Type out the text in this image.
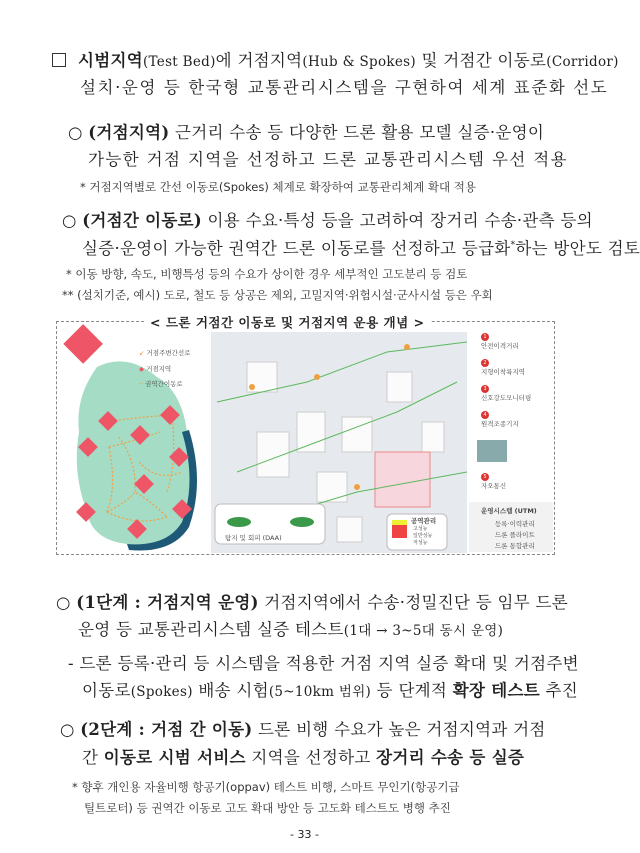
시범지역(Test Bed)에 거점지역(Hub & Spokes) 및 거점간 이동로(Corridor)
설치·운영 등 한국형 교통관리시스템을 구현하여 세계 표준화 선도
○ (거점지역) 근거리 수송 등 다양한 드론 활용 모델 실증·운영이
가능한 거점 지역을 선정하고 드론 교통관리시스템 우선 적용
* 거점지역별로 간선 이동로(Spokes) 체계로 확장하여 교통관리체계 확대 적용
○ (거점간 이동로) 이용 수요·특성 등을 고려하여 장거리 수송·관측 등의
실증·운영이 가능한 권역간 드론 이동로를 선정하고 등급화*하는 방안도 검토
* 이동 방향, 속도, 비행특성 등의 수요가 상이한 경우 세부적인 고도분리 등 검토
** (설치기준, 예시) 도로, 철도 등 상공은 제외, 고밀지역·위험시설·군사시설 등은 우회
↙ 거점주변간선로
◆ 거점지역
┄ 권역간이동로
1
안전이격거리
2
지형이착륙지역
3
신호강도모니터링
4
원격조종기지
5
자오통신
운영시스템 (UTM)
등록·이력관리
드론 플라이트
드론 통합관리
탐지 및 회피 (DAA)
공역관리
고성능
일반성능
저성능
< 드론 거점간 이동로 및 거점지역 운용 개념 >
○ (1단계 : 거점지역 운영) 거점지역에서 수송·정밀진단 등 임무 드론
운영 등 교통관리시스템 실증 테스트(1대 → 3~5대 동시 운영)
- 드론 등록·관리 등 시스템을 적용한 거점 지역 실증 확대 및 거점주변
이동로(Spokes) 배송 시험(5~10km 범위) 등 단계적 확장 테스트 추진
○ (2단계 : 거점 간 이동) 드론 비행 수요가 높은 거점지역과 거점
간 이동로 시범 서비스 지역을 선정하고 장거리 수송 등 실증
* 향후 개인용 자율비행 항공기(oppav) 테스트 비행, 스마트 무인기(항공기급
틸트로터) 등 권역간 이동로 고도 확대 방안 등 고도화 테스트도 병행 추진
- 33 -
